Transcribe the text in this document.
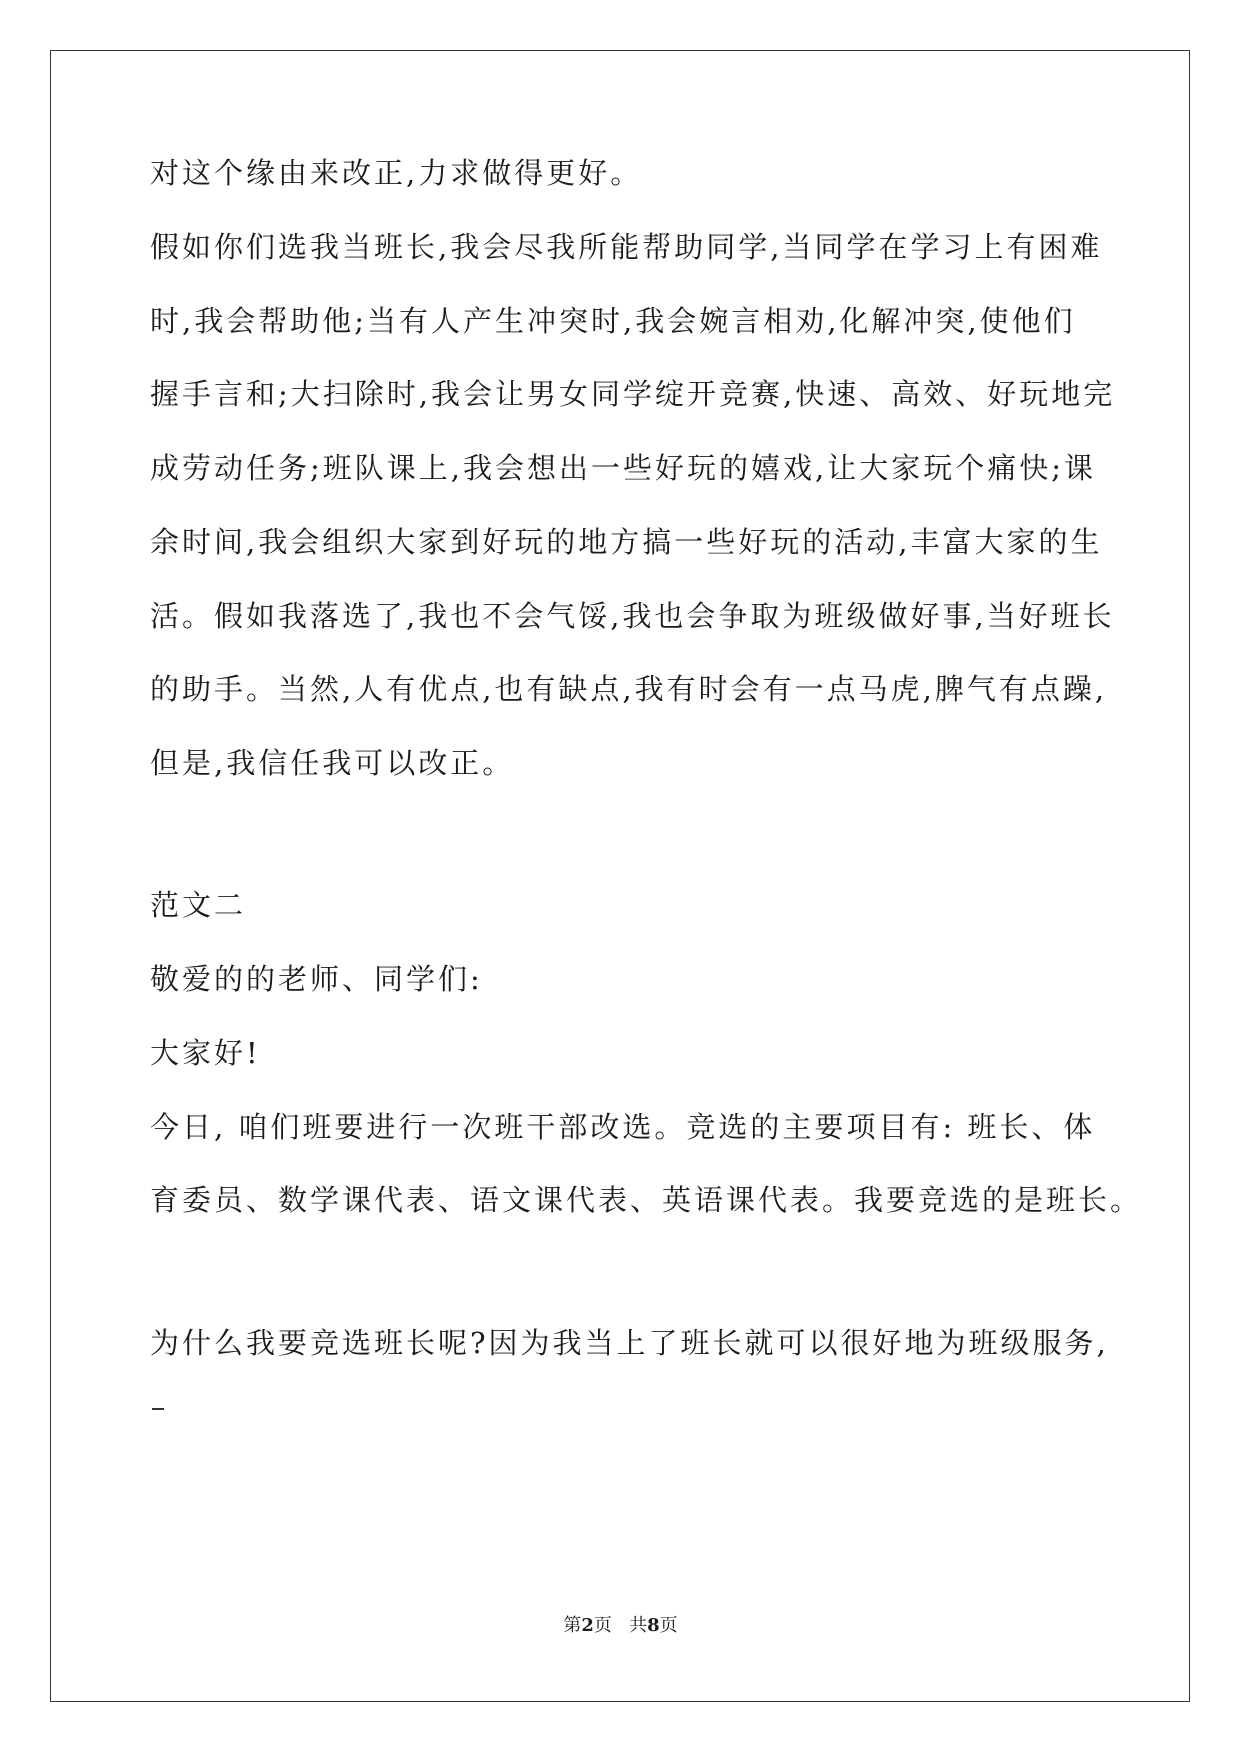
对这个缘由来改正,力求做得更好。
假如你们选我当班长,我会尽我所能帮助同学,当同学在学习上有困难
时,我会帮助他;当有人产生冲突时,我会婉言相劝,化解冲突,使他们
握手言和;大扫除时,我会让男女同学绽开竞赛,快速、高效、好玩地完
成劳动任务;班队课上,我会想出一些好玩的嬉戏,让大家玩个痛快;课
余时间,我会组织大家到好玩的地方搞一些好玩的活动,丰富大家的生
活。假如我落选了,我也不会气馁,我也会争取为班级做好事,当好班长
的助手。当然,人有优点,也有缺点,我有时会有一点马虎,脾气有点躁,
但是,我信任我可以改正。
范文二
敬爱的的老师、同学们:
大家好!
今日, 咱们班要进行一次班干部改选。竞选的主要项目有: 班长、体
育委员、数学课代表、语文课代表、英语课代表。我要竞选的是班长。
为什么我要竞选班长呢?因为我当上了班长就可以很好地为班级服务,
第2页 共8页
